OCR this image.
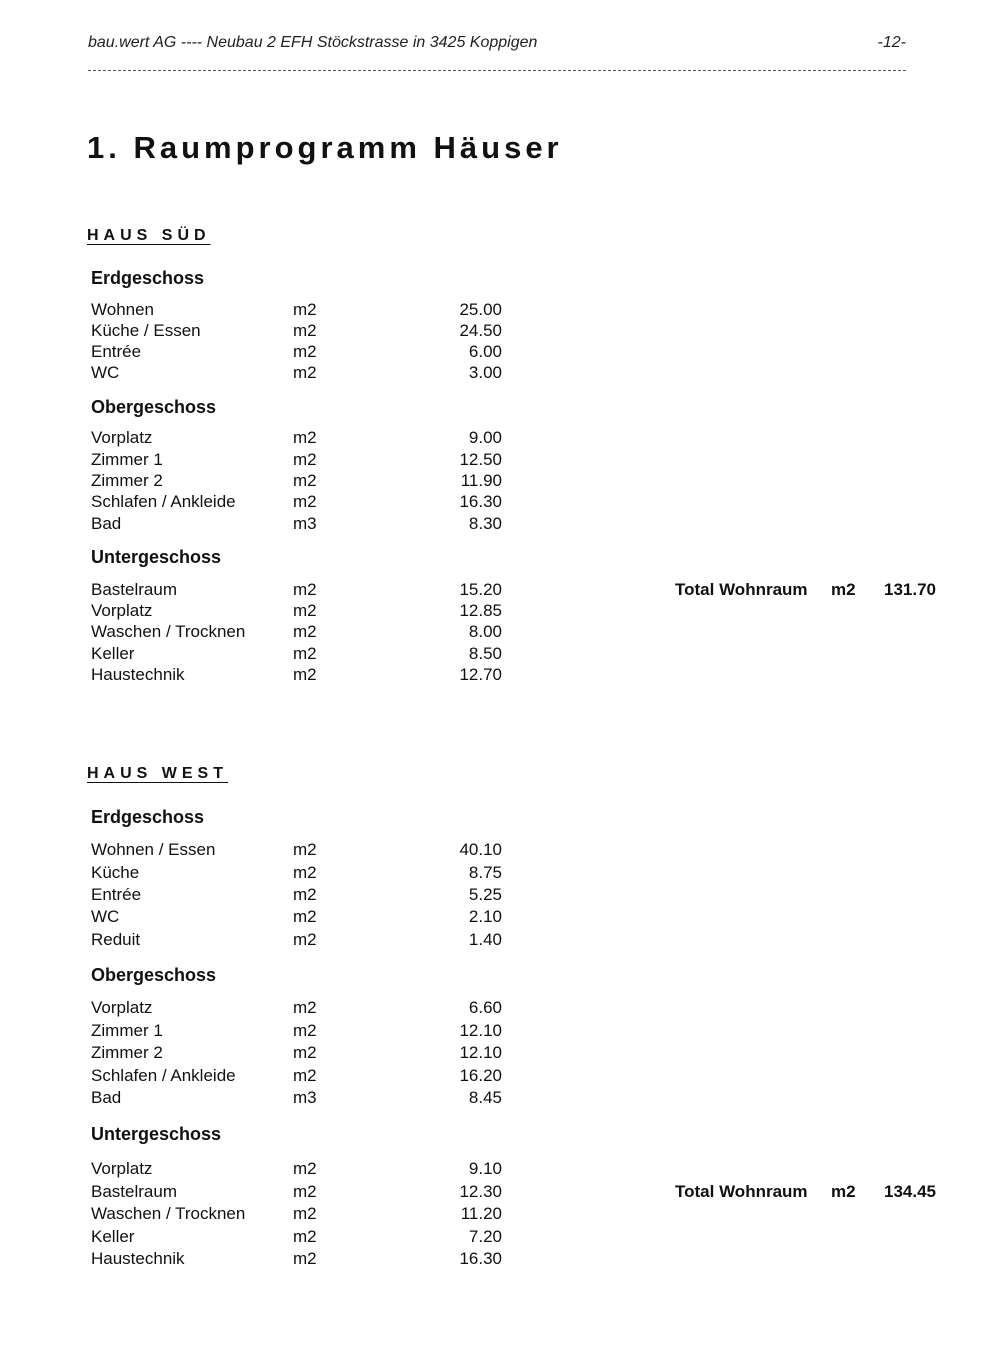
bau.wert AG ---- Neubau 2 EFH Stöckstrasse in 3425 Koppigen	-12-
1. Raumprogramm Häuser
HAUS SÜD
Erdgeschoss
Wohnen	m2	25.00
Küche / Essen	m2	24.50
Entrée	m2	6.00
WC	m2	3.00
Obergeschoss
Vorplatz	m2	9.00
Zimmer 1	m2	12.50
Zimmer 2	m2	11.90
Schlafen / Ankleide	m2	16.30
Bad	m3	8.30
Untergeschoss
Bastelraum	m2	15.20
Vorplatz	m2	12.85
Waschen / Trocknen	m2	8.00
Keller	m2	8.50
Haustechnik	m2	12.70
Total Wohnraum m2	131.70
HAUS WEST
Erdgeschoss
Wohnen / Essen	m2	40.10
Küche	m2	8.75
Entrée	m2	5.25
WC	m2	2.10
Reduit	m2	1.40
Obergeschoss
Vorplatz	m2	6.60
Zimmer 1	m2	12.10
Zimmer 2	m2	12.10
Schlafen / Ankleide	m2	16.20
Bad	m3	8.45
Untergeschoss
Vorplatz	m2	9.10
Bastelraum	m2	12.30
Waschen / Trocknen	m2	11.20
Keller	m2	7.20
Haustechnik	m2	16.30
Total Wohnraum m2	134.45
